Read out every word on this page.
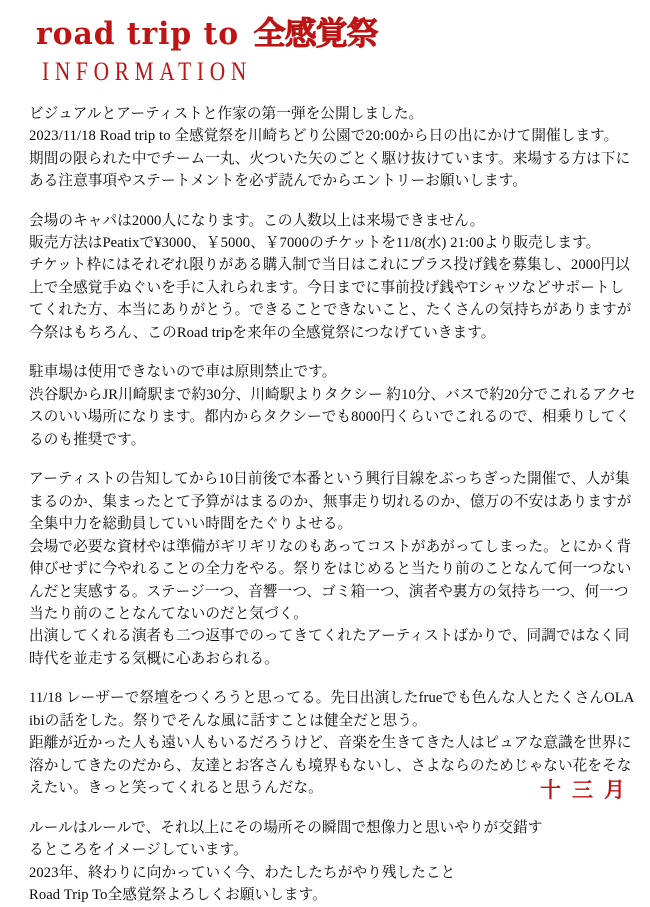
road trip to 全感覚祭
INFORMATION

ビジュアルとアーティストと作家の第一弾を公開しました。
2023/11/18 Road trip to 全感覚祭を川崎ちどり公園で20:00から日の出にかけて開催します。
期間の限られた中でチーム一丸、火ついた矢のごとく駆け抜けています。来場する方は下にある注意事項やステートメントを必ず読んでからエントリーお願いします。

会場のキャパは2000人になります。この人数以上は来場できません。
販売方法はPeatixで¥3000、￥5000、￥7000のチケットを11/8(水) 21:00より販売します。
チケット枠にはそれぞれ限りがある購入制で当日はこれにプラス投げ銭を募集し、2000円以上で全感覚手ぬぐいを手に入れられます。今日までに事前投げ銭やTシャツなどサポートしてくれた方、本当にありがとう。できることできないこと、たくさんの気持ちがありますが今祭はもちろん、このRoad tripを来年の全感覚祭につなげていきます。

駐車場は使用できないので車は原則禁止です。
渋谷駅からJR川崎駅まで約30分、川崎駅よりタクシー 約10分、バスで約20分でこれるアクセスのいい場所になります。都内からタクシーでも8000円くらいでこれるので、相乗りしてくるのも推奨です。

アーティストの告知してから10日前後で本番という興行目線をぶっちぎった開催で、人が集まるのか、集まったとて予算がはまるのか、無事走り切れるのか、億万の不安はありますが全集中力を総動員していい時間をたぐりよせる。
会場で必要な資材やは準備がギリギリなのもあってコストがあがってしまった。とにかく背伸びせずに今やれることの全力をやる。祭りをはじめると当たり前のことなんて何一つないんだと実感する。ステージ一つ、音響一つ、ゴミ箱一つ、演者や裏方の気持ち一つ、何一つ当たり前のことなんてないのだと気づく。
出演してくれる演者も二つ返事でのってきてくれたアーティストばかりで、同調ではなく同時代を並走する気概に心あおられる。

11/18 レーザーで祭壇をつくろうと思ってる。先日出演したfrueでも色んな人とたくさんOLAibiの話をした。祭りでそんな風に話すことは健全だと思う。
距離が近かった人も遠い人もいるだろうけど、音楽を生きてきた人はピュアな意識を世界に溶かしてきたのだから、友達とお客さんも境界もないし、さよならのためじゃない花をそなえたい。きっと笑ってくれると思うんだな。

ルールはルールで、それ以上にその場所その瞬間で想像力と思いやりが交錯す
るところをイメージしています。
2023年、終わりに向かっていく今、わたしたちがやり残したこと
Road Trip To全感覚祭よろしくお願いします。

十三月
